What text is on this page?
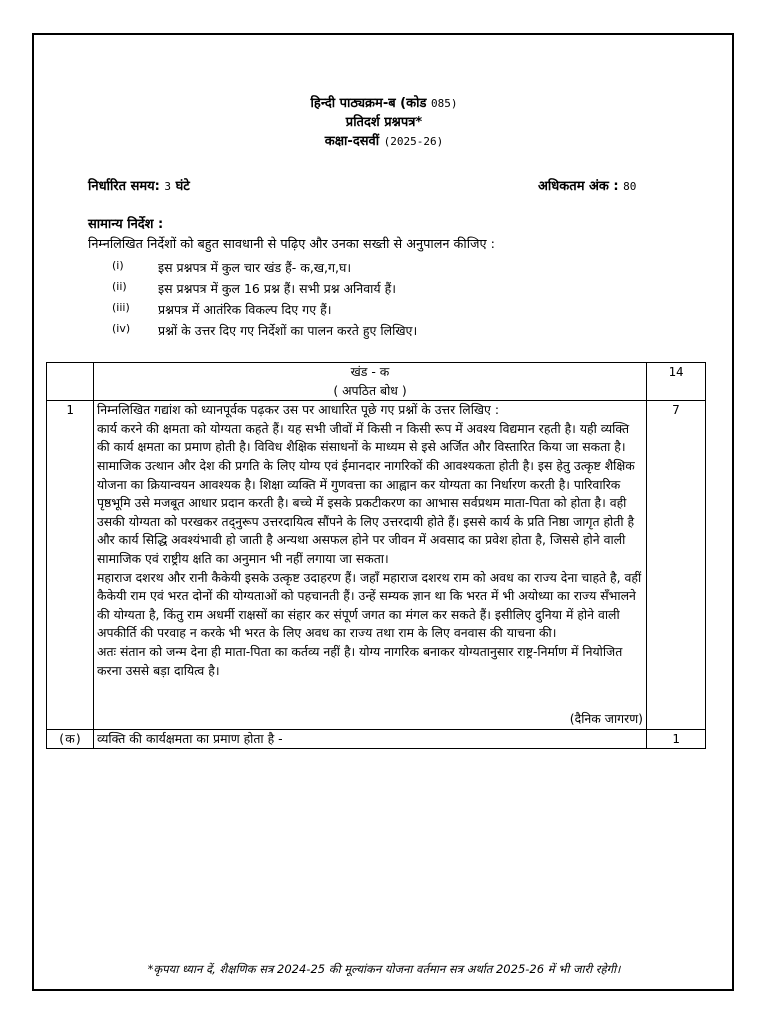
हिन्दी पाठ्यक्रम-ब (कोड 085)
प्रतिदर्श प्रश्नपत्र*
कक्षा-दसवीं (2025-26)
निर्धारित समय: 3 घंटे	अधिकतम अंक : 80
सामान्य निर्देश :
निम्नलिखित निर्देशों को बहुत सावधानी से पढ़िए और उनका सख्ती से अनुपालन कीजिए :
(i)	इस प्रश्नपत्र में कुल चार खंड हैं- क,ख,ग,घ।
(ii)	इस प्रश्नपत्र में कुल 16 प्रश्न हैं। सभी प्रश्न अनिवार्य हैं।
(iii)	प्रश्नपत्र में आतंरिक विकल्प दिए गए हैं।
(iv)	प्रश्नों के उत्तर दिए गए निर्देशों का पालन करते हुए लिखिए।

	खंड - क
( अपठित बोध )	14
1	निम्नलिखित गद्यांश को ध्यानपूर्वक पढ़कर उस पर आधारित पूछे गए प्रश्नों के उत्तर लिखिए :

कार्य करने की क्षमता को योग्यता कहते हैं। यह सभी जीवों में किसी न किसी रूप में अवश्य विद्यमान रहती है। यही व्यक्ति की कार्य क्षमता का प्रमाण होती है। विविध शैक्षिक संसाधनों के माध्यम से इसे अर्जित और विस्तारित किया जा सकता है। सामाजिक उत्थान और देश की प्रगति के लिए योग्य एवं ईमानदार नागरिकों की आवश्यकता होती है। इस हेतु उत्कृष्ट शैक्षिक योजना का क्रियान्वयन आवश्यक है। शिक्षा व्यक्ति में गुणवत्ता का आह्वान कर योग्यता का निर्धारण करती है। पारिवारिक पृष्ठभूमि उसे मजबूत आधार प्रदान करती है। बच्चे में इसके प्रकटीकरण का आभास सर्वप्रथम माता-पिता को होता है। वही उसकी योग्यता को परखकर तद्नुरूप उत्तरदायित्व सौंपने के लिए उत्तरदायी होते हैं। इससे कार्य के प्रति निष्ठा जागृत होती है और कार्य सिद्धि अवश्यंभावी हो जाती है अन्यथा असफल होने पर जीवन में अवसाद का प्रवेश होता है, जिससे होने वाली सामाजिक एवं राष्ट्रीय क्षति का अनुमान भी नहीं लगाया जा सकता।

महाराज दशरथ और रानी कैकेयी इसके उत्कृष्ट उदाहरण हैं। जहाँ महाराज दशरथ राम को अवध का राज्य देना चाहते है, वहीं कैकेयी राम एवं भरत दोनों की योग्यताओं को पहचानती हैं। उन्हें सम्यक ज्ञान था कि भरत में भी अयोध्या का राज्य सँभालने की योग्यता है, किंतु राम अधर्मी राक्षसों का संहार कर संपूर्ण जगत का मंगल कर सकते हैं। इसीलिए दुनिया में होने वाली अपकीर्ति की परवाह न करके भी भरत के लिए अवध का राज्य तथा राम के लिए वनवास की याचना की।

अतः संतान को जन्म देना ही माता-पिता का कर्तव्य नहीं है। योग्य नागरिक बनाकर योग्यतानुसार राष्ट्र-निर्माण में नियोजित करना उससे बड़ा दायित्व है।

(दैनिक जागरण)	7
(क)	व्यक्ति की कार्यक्षमता का प्रमाण होता है -	1
*कृपया ध्यान दें, शैक्षणिक सत्र 2024-25 की मूल्यांकन योजना वर्तमान सत्र अर्थात 2025-26 में भी जारी रहेगी।
